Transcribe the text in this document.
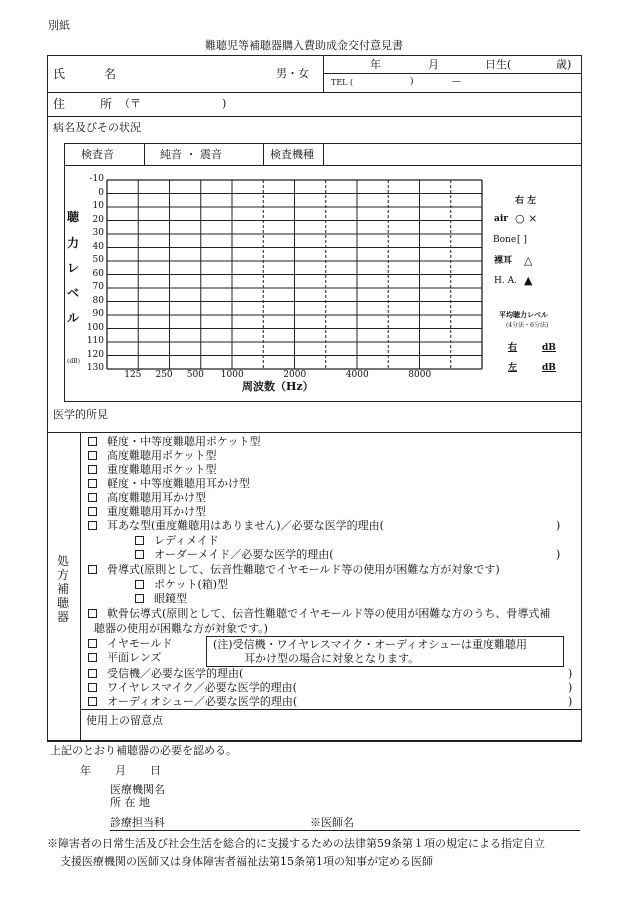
別紙
難聴児等補聴器購入費助成金交付意見書
氏	名	男・女
年	月	日生(	歳)
TEL (	)	—
住	所 （〒	)
病名及びその状況
検査音	純音 ・ 震音	検査機種
聴
力
レ
ベ
ル
(dB)
-10
0
10
20
30
40
50
60
70
80
90
100
110
120
130
125 250 500 1000	2000	4000	8000
周波数（Hz）
右 左
air ○ ×
Bone [ ]
裸耳 △
H. A. ▲
平均聴力レベル
(4分法・6分法)
右	dB
左	dB
医学的所見
処
方
補
聴
器
軽度・中等度難聴用ポケット型
高度難聴用ポケット型
重度難聴用ポケット型
軽度・中等度難聴用耳かけ型
高度難聴用耳かけ型
重度難聴用耳かけ型
耳あな型(重度難聴用はありません)／必要な医学的理由(	)
レディメイド
オーダーメイド／必要な医学的理由(	)
骨導式(原則として、伝音性難聴でイヤモールド等の使用が困難な方が対象です)
ポケット(箱)型
眼鏡型
軟骨伝導式(原則として、伝音性難聴でイヤモールド等の使用が困難な方のうち、骨導式補
聴器の使用が困難な方が対象です。)
イヤモールド
平面レンズ
(注)受信機・ワイヤレスマイク・オーディオシューは重度難聴用
耳かけ型の場合に対象となります。
受信機／必要な医学的理由(	)
ワイヤレスマイク／必要な医学的理由(	)
オーディオシュー／必要な医学的理由(	)
使用上の留意点
上記のとおり補聴器の必要を認める。
年 月 日
医療機関名
所 在 地
診療担当科	※医師名
※障害者の日常生活及び社会生活を総合的に支援するための法律第59条第１項の規定による指定自立
支援医療機関の医師又は身体障害者福祉法第15条第1項の知事が定める医師
